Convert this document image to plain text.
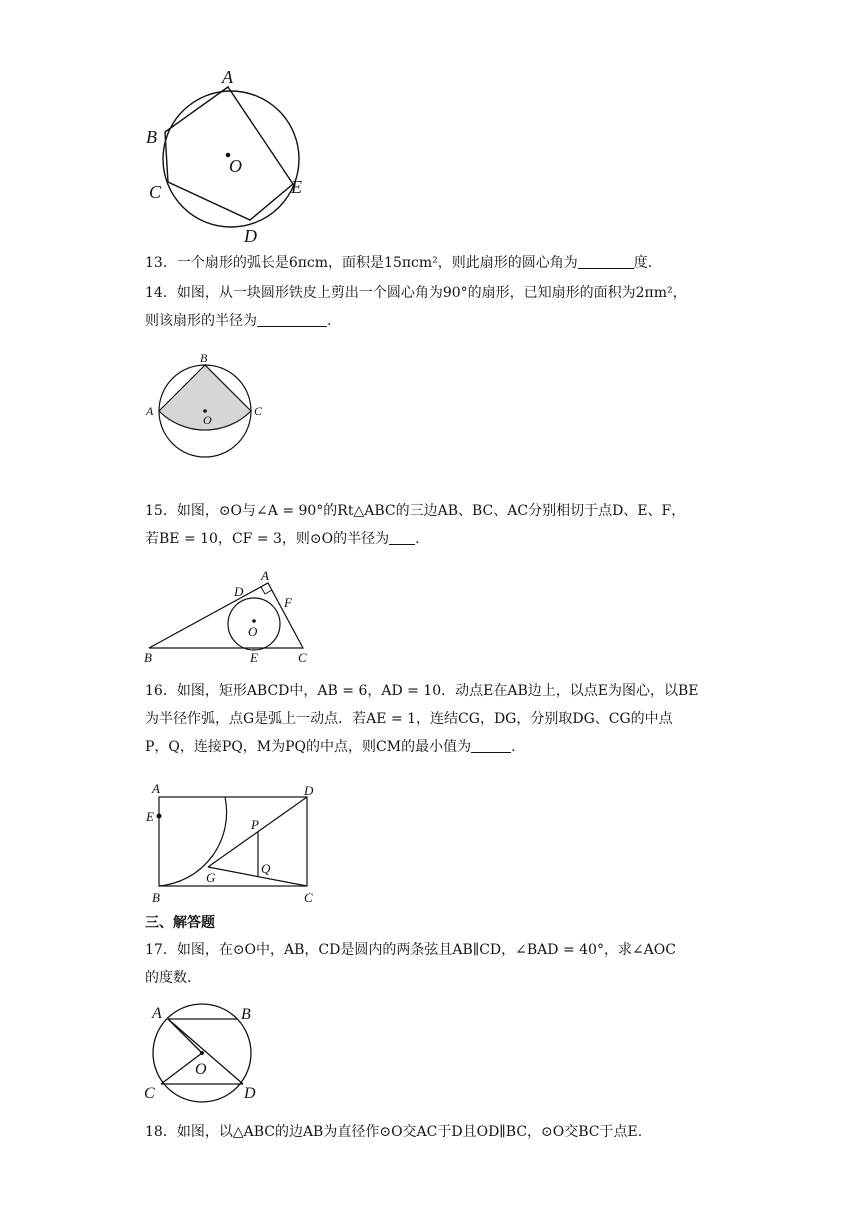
A
B
C
D
E
O
13．一个扇形的弧长是6πcm，面积是15πcm²，则此扇形的圆心角为	度.
14．如图，从一块圆形铁皮上剪出一个圆心角为90°的扇形，已知扇形的面积为2πm²，
则该扇形的半径为	.
A
B
C
O
15．如图，⊙O与∠A = 90°的Rt△ABC的三边AB、BC、AC分别相切于点D、E、F，
若BE = 10，CF = 3，则⊙O的半径为 .
A
B	C
D
E
F
O
16．如图，矩形ABCD中，AB = 6，AD = 10．动点E在AB边上，以点E为图心，以BE
为半径作弧，点G是弧上一动点．若AE = 1，连结CG，DG，分别取DG、CG的中点
P，Q，连接PQ，M为PQ的中点，则CM的最小值为	.
A
B	C
D
E
G
P
Q
三、解答题
17．如图，在⊙O中，AB，CD是圆内的两条弦且AB∥CD，∠BAD = 40°，求∠AOC
的度数.
A	B
C	D
O
18．如图，以△ABC的边AB为直径作⊙O交AC于D且OD∥BC，⊙O交BC于点E.
